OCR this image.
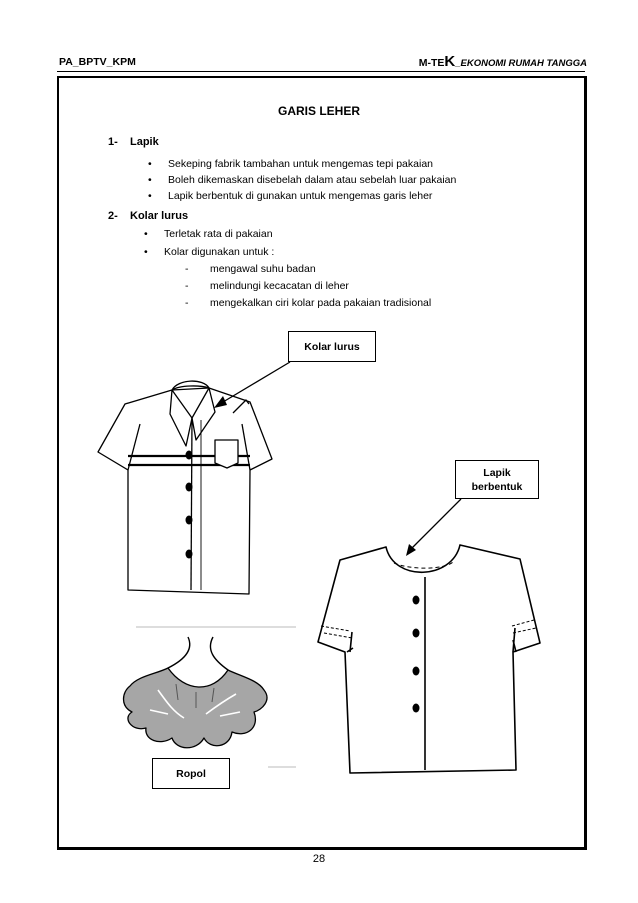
PA_BPTV_KPM	M-TEK_EKONOMI RUMAH TANGGA
GARIS LEHER
1- Lapik
• Sekeping fabrik tambahan untuk mengemas tepi pakaian
• Boleh dikemaskan disebelah dalam atau sebelah luar pakaian
• Lapik berbentuk di gunakan untuk mengemas garis leher
2- Kolar lurus
• Terletak rata di pakaian
• Kolar digunakan untuk :
- mengawal suhu badan
- melindungi kecacatan di leher
- mengekalkan ciri kolar pada pakaian tradisional
Kolar lurus
Lapik
berbentuk
Ropol
28
